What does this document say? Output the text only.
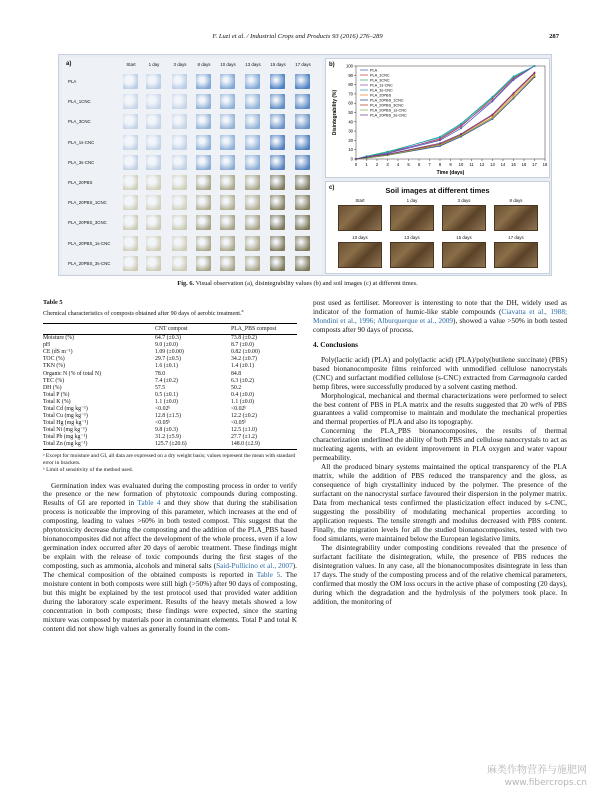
F. Luzi et al. / Industrial Crops and Products 93 (2016) 276–289	287
a)	Start	1 day	3 days	8 days	10 days	13 days	15 days	17 days
PLA
PLA_1CNC
PLA_3CNC
PLA_1s-CNC
PLA_3s-CNC
PLA_20PBS
PLA_20PBS_1CNC
PLA_20PBS_3CNC
PLA_20PBS_1s-CNC
PLA_20PBS_3s-CNC
b)
0
10
20
30
40
50
60
70
80
90
100
0 1 2 3 4 5 6 7 8 9 10 11 12 13 14 15 16 17 18
Time (days)
Disintegrability (%)
PLA
PLA_1CNC
PLA_3CNC
PLA_1s-CNC
PLA_3s-CNC
PLA_20PBS
PLA_20PBS_1CNC
PLA_20PBS_3CNC
PLA_20PBS_1s-CNC
PLA_20PBS_3s-CNC
c)	Soil images at different times
Start	1 day	3 days	8 days
10 days	13 days	15 days	17 days
Fig. 6. Visual observation (a), disintegrability values (b) and soil images (c) at different times.
Table 5
Chemical characteristics of composts obtained after 90 days of aerobic treatment.$^a$
	CNT compost	PLA_PBS compost
Moisture (%)	64.7 (±0.3)	73.8 (±0.2)
pH	9.0 (±0.0)	8.7 (±0.0)
CE (dS m⁻¹)	1.09 (±0.00)	0.82 (±0.00)
TOC (%)	29.7 (±0.5)	34.2 (±0.7)
TKN (%)	1.6 (±0.1)	1.4 (±0.1)
Organic N (% of total N)	78.0	84.8
TEC (%)	7.4 (±0.2)	6.3 (±0.2)
DH (%)	57.5	50.2
Total P (%)	0.5 (±0.1)	0.4 (±0.0)
Total K (%)	1.1 (±0.0)	1.1 (±0.0)
Total Cd (mg kg⁻¹)	<0.02ᵇ	<0.02ᵇ
Total Cu (mg kg⁻¹)	12.8 (±1.5)	12.2 (±0.2)
Total Hg (mg kg⁻¹)	<0.05ᵇ	<0.05ᵇ
Total Ni (mg kg⁻¹)	9.8 (±0.3)	12.5 (±1.0)
Total Pb (mg kg⁻¹)	31.2 (±5.9)	27.7 (±1.2)
Total Zn (mg kg⁻¹)	125.7 (±20.6)	148.0 (±2.9)
ᵃ Except for moisture and GI, all data are expressed on a dry weight basis; values represent the mean with standard error in brackets.
ᵇ Limit of sensitivity of the method used.

Germination index was evaluated during the composting process in order to verify the presence or the new formation of phytotoxic compounds during composting. Results of GI are reported in Table 4 and they show that during the stabilisation process is noticeable the improving of this parameter, which increases at the end of composting, leading to values >60% in both tested compost. This suggest that the phytotoxicity decrease during the composting and the addition of the PLA_PBS based bionanocomposites did not affect the development of the whole process, even if a low germination index occurred after 20 days of aerobic treatment. These findings might be explain with the release of toxic compounds during the first stages of the composting, such as ammonia, alcohols and mineral salts (Said-Pullicino et al., 2007). The chemical composition of the obtained composts is reported in Table 5. The moisture content in both composts were still high (>50%) after 90 days of composting, but this might be explained by the test protocol used that provided water addition during the laboratory scale experiment. Results of the heavy metals showed a low concentration in both composts; these findings were expected, since the starting mixture was composed by materials poor in contaminant elements. Total P and total K content did not show high values as generally found in the com-

post used as fertiliser. Moreover is interesting to note that the DH, widely used as indicator of the formation of humic-like stable compounds (Ciavatta et al., 1988; Mondini et al., 1996; Alburquerque et al., 2009), showed a value >50% in both tested composts after 90 days of process.

4. Conclusions

Poly(lactic acid) (PLA) and poly(lactic acid) (PLA)/poly(butilene succinate) (PBS) based bionanocomposite films reinforced with unmodified cellulose nanocrystals (CNC) and surfactant modified cellulose (s-CNC) extracted from Carmagnola carded hemp fibres, were successfully produced by a solvent casting method.

Morphological, mechanical and thermal characterizations were performed to select the best content of PBS in PLA matrix and the results suggested that 20 wt% of PBS guarantees a valid compromise to maintain and modulate the mechanical properties and thermal properties of PLA and also its topography.

Concerning the PLA_PBS bionanocomposites, the results of thermal characterization underlined the ability of both PBS and cellulose nanocrystals to act as nucleating agents, with an evident improvement in PLA oxygen and water vapour permeability.

All the produced binary systems maintained the optical transparency of the PLA matrix, while the addition of PBS reduced the transparency and the gloss, as consequence of high crystallinity induced by the polymer. The presence of the surfactant on the nanocrystal surface favoured their dispersion in the polymer matrix. Data from mechanical tests confirmed the plasticization effect induced by s-CNC, suggesting the possibility of modulating mechanical properties according to application requests. The tensile strength and modulus decreased with PBS content. Finally, the migration levels for all the studied bionanocomposites, tested with two food simulants, were maintained below the European legislative limits.

The disintegrability under composting conditions revealed that the presence of surfactant facilitate the disintegration, while, the presence of PBS reduces the disintegration values. In any case, all the bionanocomposites disintegrate in less than 17 days. The study of the composting process and of the relative chemical parameters, confirmed that mostly the OM loss occurs in the active phase of composting (20 days), during which the degradation and the hydrolysis of the polymers took place. In addition, the monitoring of

麻类作物营养与施肥网
www.fibercrops.cn
